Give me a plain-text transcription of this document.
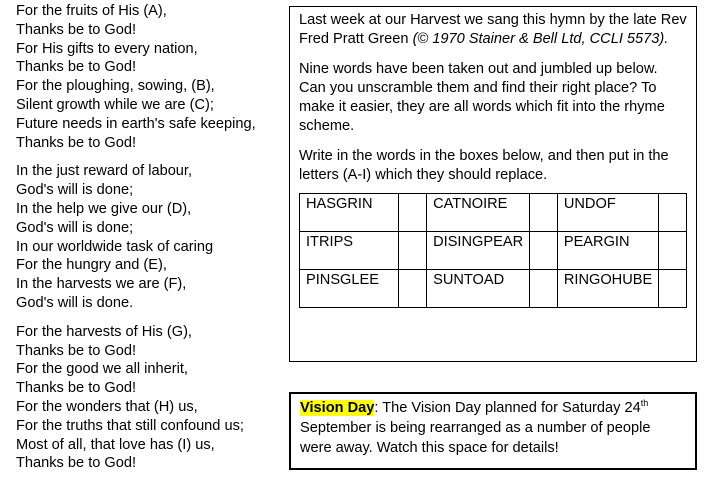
For the fruits of His (A),
Thanks be to God!
For His gifts to every nation,
Thanks be to God!
For the ploughing, sowing, (B),
Silent growth while we are (C);
Future needs in earth's safe keeping,
Thanks be to God!
In the just reward of labour,
God's will is done;
In the help we give our (D),
God's will is done;
In our worldwide task of caring
For the hungry and (E),
In the harvests we are (F),
God's will is done.
For the harvests of His (G),
Thanks be to God!
For the good we all inherit,
Thanks be to God!
For the wonders that (H) us,
For the truths that still confound us;
Most of all, that love has (I) us,
Thanks be to God!

Last week at our Harvest we sang this hymn by the late Rev Fred Pratt Green (© 1970 Stainer & Bell Ltd, CCLI 5573).

Nine words have been taken out and jumbled up below. Can you unscramble them and find their right place? To make it easier, they are all words which fit into the rhyme scheme.

Write in the words in the boxes below, and then put in the letters (A-I) which they should replace.

HASGRIN		CATNOIRE		UNDOF	
ITRIPS		DISINGPEAR		PEARGIN	
PINSGLEE		SUNTOAD		RINGOHUBE	
Vision Day: The Vision Day planned for Saturday 24th September is being rearranged as a number of people were away. Watch this space for details!
